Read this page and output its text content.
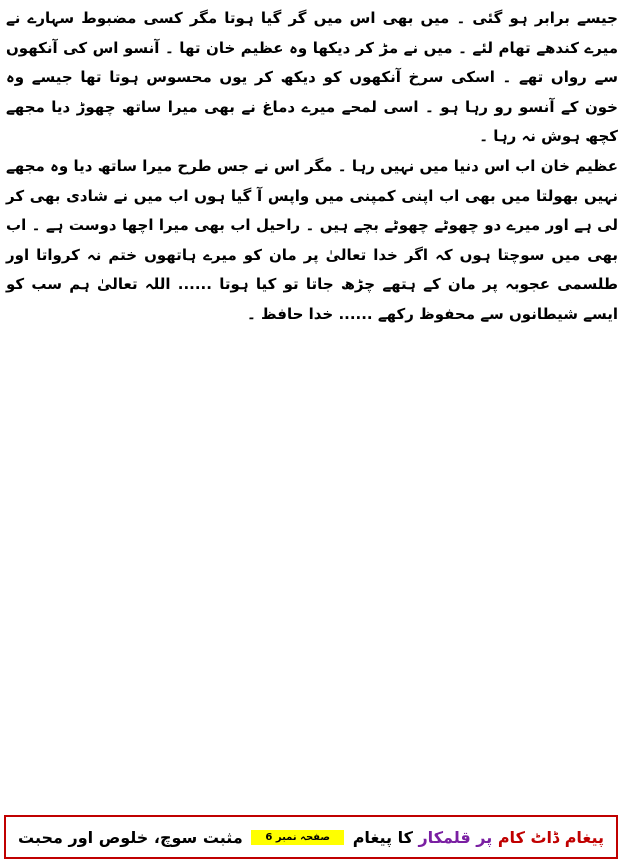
جیسے برابر ہو گئی ۔ میں بھی اس میں گر گیا ہوتا مگر کسی مضبوط سہارے نے میرے کندھے تھام لئے ۔ میں نے مڑ کر دیکھا وہ عظیم خان تھا ۔ آنسو اس کی آنکھوں سے رواں تھے ۔ اسکی سرخ آنکھوں کو دیکھ کر یوں محسوس ہوتا تھا جیسے وہ خون کے آنسو رو رہا ہو ۔ اسی لمحے میرے دماغ نے بھی میرا ساتھ چھوڑ دیا مجھے کچھ ہوش نہ رہا ۔

عظیم خان اب اس دنیا میں نہیں رہا ۔ مگر اس نے جس طرح میرا ساتھ دیا وہ مجھے نہیں بھولتا میں بھی اب اپنی کمپنی میں واپس آ گیا ہوں اب میں نے شادی بھی کر لی ہے اور میرے دو چھوٹے چھوٹے بچے ہیں ۔ راحیل اب بھی میرا اچھا دوست ہے ۔ اب بھی میں سوچتا ہوں کہ اگر خدا تعالیٰ پر مان کو میرے ہاتھوں ختم نہ کرواتا اور طلسمی عجوبہ پر مان کے ہتھے چڑھ جاتا تو کیا ہوتا ...... اللہ تعالیٰ ہم سب کو ایسے شیطانوں سے محفوظ رکھے ...... خدا حافظ ۔

پیغام ڈاٹ کام پر قلمکار کا پیغام
صفحہ نمبر 6
مثبت سوچ، خلوص اور محبت
